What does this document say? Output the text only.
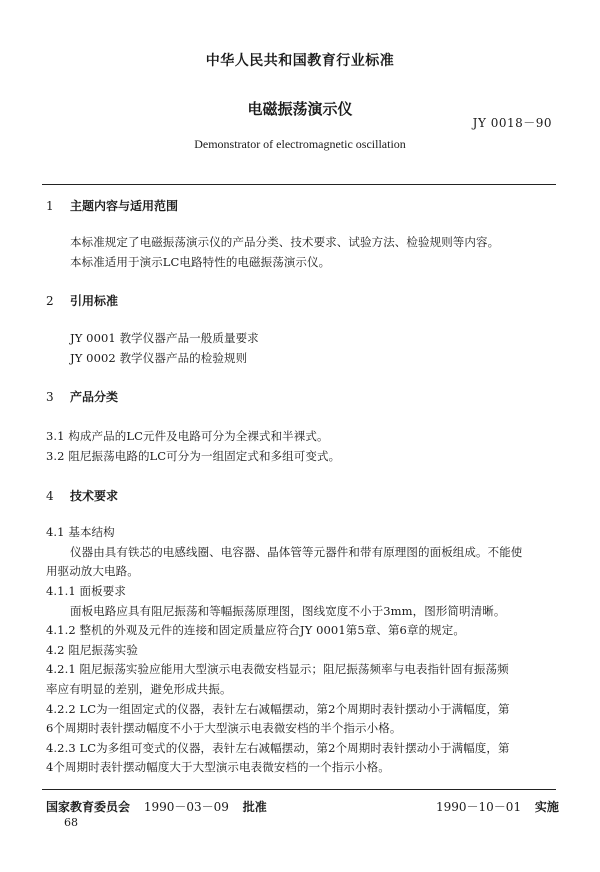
中华人民共和国教育行业标准
电磁振荡演示仪
JY 0018－90
Demonstrator of electromagnetic oscillation
1 主题内容与适用范围
本标准规定了电磁振荡演示仪的产品分类、技术要求、试验方法、检验规则等内容。
本标准适用于演示LC电路特性的电磁振荡演示仪。
2 引用标准
JY 0001 教学仪器产品一般质量要求
JY 0002 教学仪器产品的检验规则
3 产品分类
3.1 构成产品的LC元件及电路可分为全裸式和半裸式。
3.2 阻尼振荡电路的LC可分为一组固定式和多组可变式。
4 技术要求
4.1 基本结构
仪器由具有铁芯的电感线圈、电容器、晶体管等元器件和带有原理图的面板组成。不能使
用驱动放大电路。
4.1.1 面板要求
面板电路应具有阻尼振荡和等幅振荡原理图，图线宽度不小于3mm，图形简明清晰。
4.1.2 整机的外观及元件的连接和固定质量应符合JY 0001第5章、第6章的规定。
4.2 阻尼振荡实验
4.2.1 阻尼振荡实验应能用大型演示电表微安档显示；阻尼振荡频率与电表指针固有振荡频
率应有明显的差别，避免形成共振。
4.2.2 LC为一组固定式的仪器，表针左右减幅摆动，第2个周期时表针摆动小于满幅度，第
6个周期时表针摆动幅度不小于大型演示电表微安档的半个指示小格。
4.2.3 LC为多组可变式的仪器，表针左右减幅摆动，第2个周期时表针摆动小于满幅度，第
4个周期时表针摆动幅度大于大型演示电表微安档的一个指示小格。
国家教育委员会 1990－03－09 批准	1990－10－01 实施
68
